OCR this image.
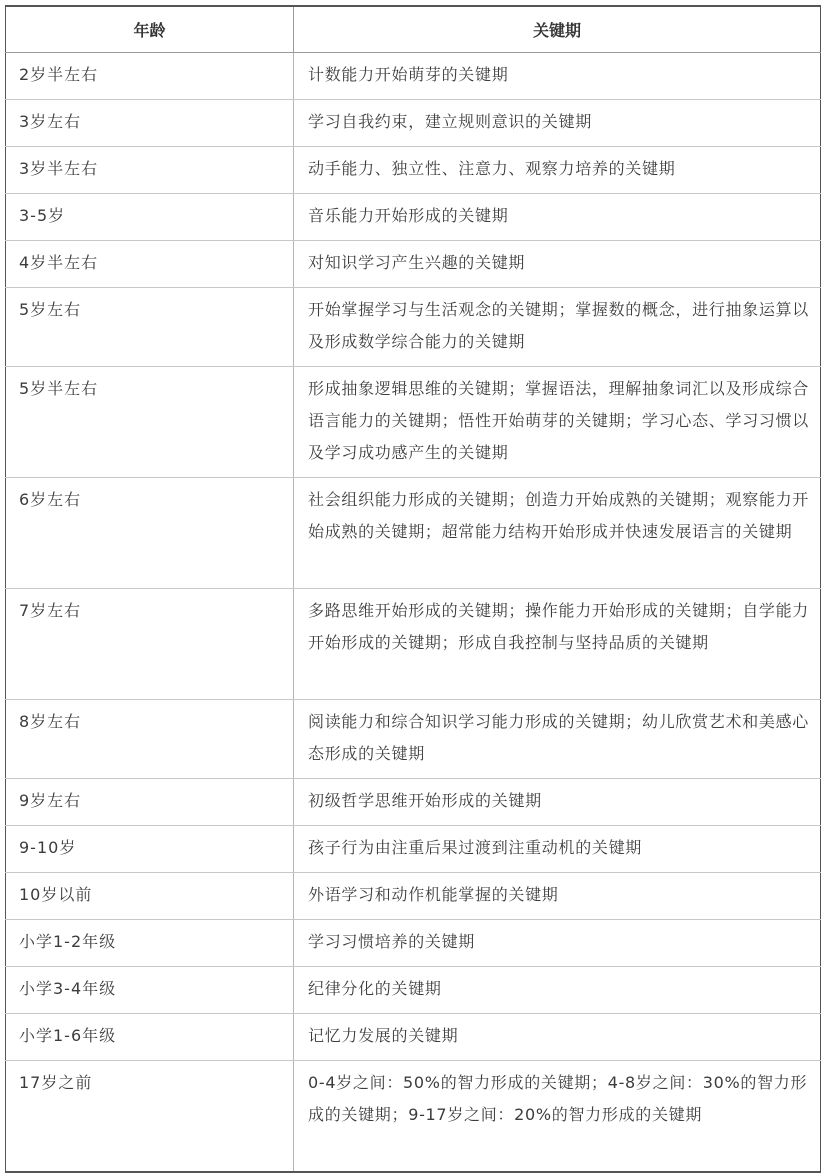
年龄	关键期
2岁半左右	计数能力开始萌芽的关键期
3岁左右	学习自我约束，建立规则意识的关键期
3岁半左右	动手能力、独立性、注意力、观察力培养的关键期
3-5岁	音乐能力开始形成的关键期
4岁半左右	对知识学习产生兴趣的关键期
5岁左右	开始掌握学习与生活观念的关键期；掌握数的概念，进行抽象运算以及形成数学综合能力的关键期
5岁半左右	形成抽象逻辑思维的关键期；掌握语法，理解抽象词汇以及形成综合语言能力的关键期；悟性开始萌芽的关键期；学习心态、学习习惯以及学习成功感产生的关键期
6岁左右	社会组织能力形成的关键期；创造力开始成熟的关键期；观察能力开始成熟的关键期；超常能力结构开始形成并快速发展语言的关键期
7岁左右	多路思维开始形成的关键期；操作能力开始形成的关键期；自学能力开始形成的关键期；形成自我控制与坚持品质的关键期
8岁左右	阅读能力和综合知识学习能力形成的关键期；幼儿欣赏艺术和美感心态形成的关键期
9岁左右	初级哲学思维开始形成的关键期
9-10岁	孩子行为由注重后果过渡到注重动机的关键期
10岁以前	外语学习和动作机能掌握的关键期
小学1-2年级	学习习惯培养的关键期
小学3-4年级	纪律分化的关键期
小学1-6年级	记忆力发展的关键期
17岁之前	0-4岁之间：50%的智力形成的关键期；4-8岁之间：30%的智力形成的关键期；9-17岁之间：20%的智力形成的关键期
